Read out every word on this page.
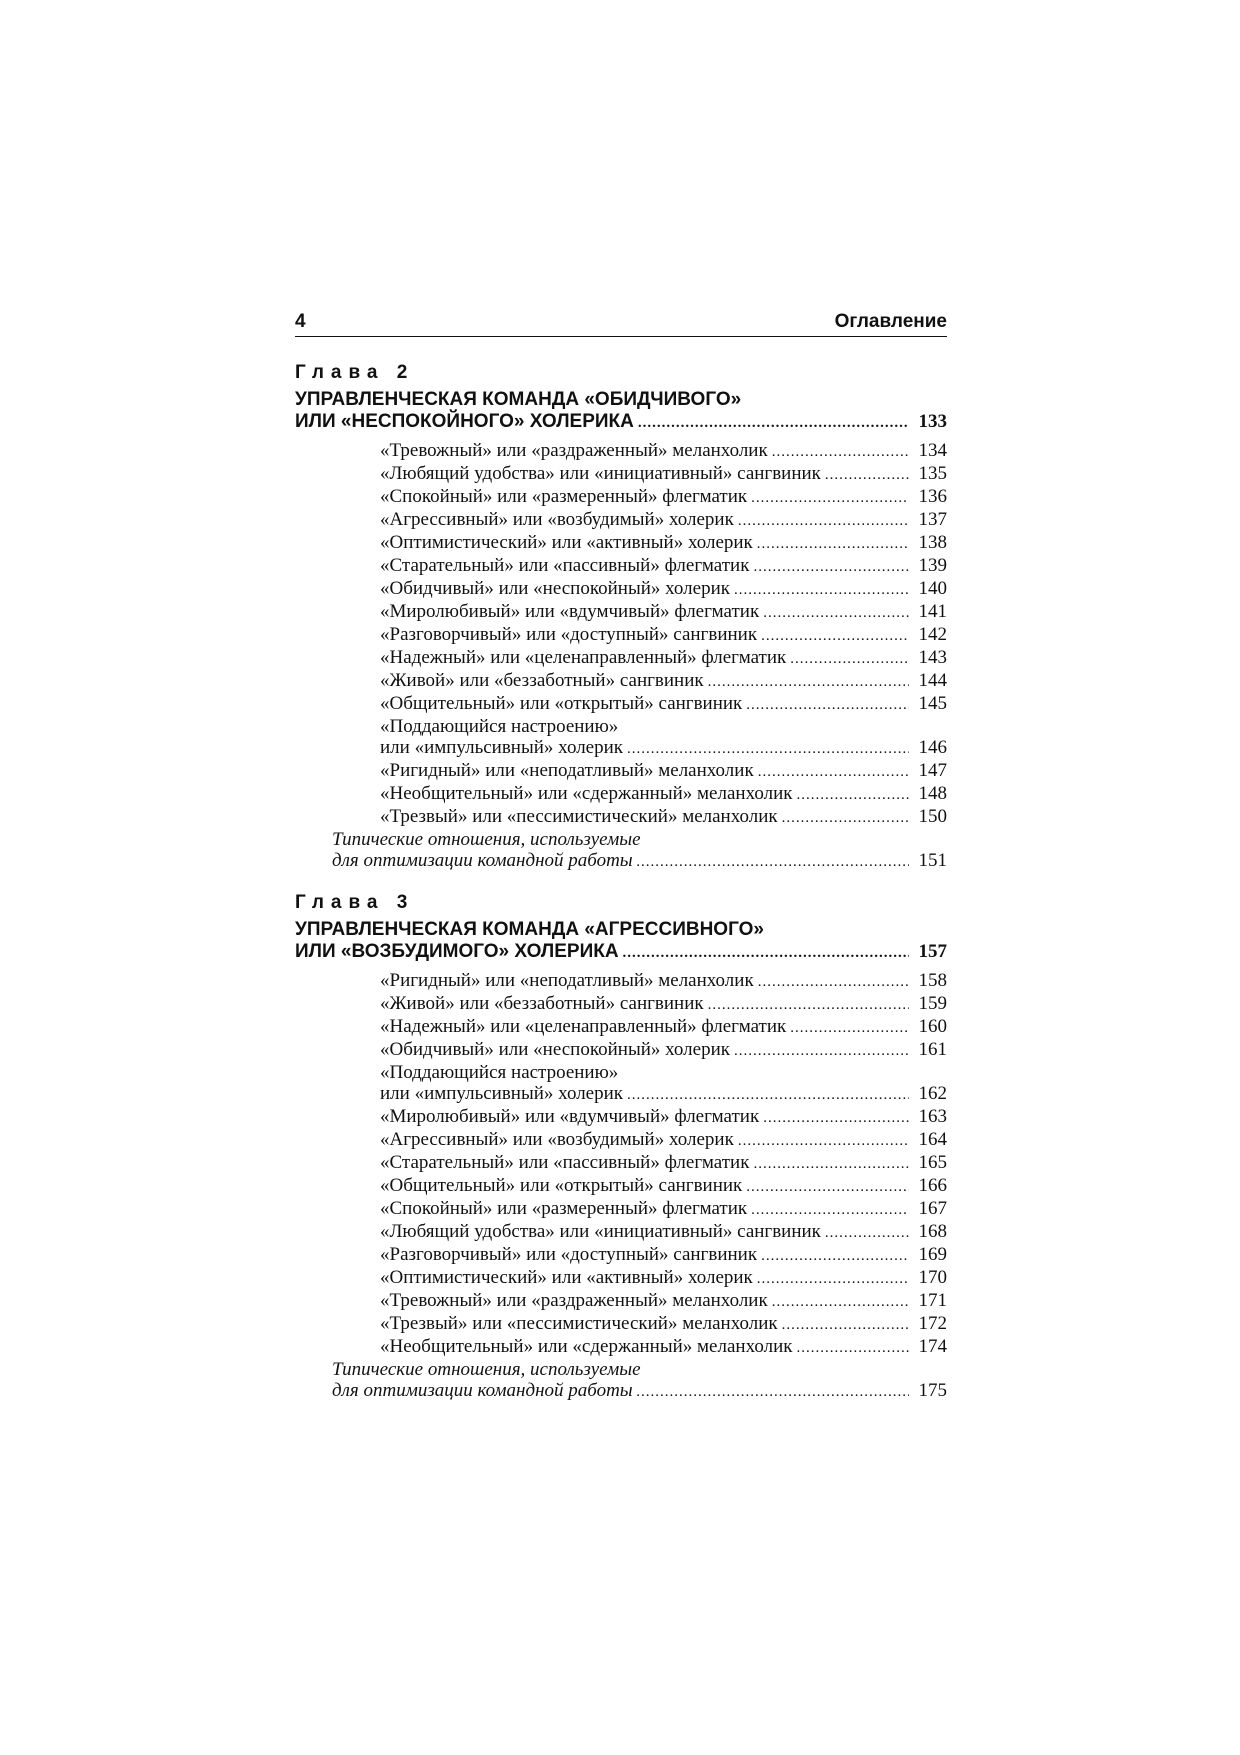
4	Оглавление
Глава 2
УПРАВЛЕНЧЕСКАЯ КОМАНДА «ОБИДЧИВОГО»
ИЛИ «НЕСПОКОЙНОГО» ХОЛЕРИКА .....	133
«Тревожный» или «раздраженный» меланхолик .....	134
«Любящий удобства» или «инициативный» сангвиник .....	135
«Спокойный» или «размеренный» флегматик .....	136
«Агрессивный» или «возбудимый» холерик .....	137
«Оптимистический» или «активный» холерик .....	138
«Старательный» или «пассивный» флегматик .....	139
«Обидчивый» или «неспокойный» холерик .....	140
«Миролюбивый» или «вдумчивый» флегматик .....	141
«Разговорчивый» или «доступный» сангвиник .....	142
«Надежный» или «целенаправленный» флегматик .....	143
«Живой» или «беззаботный» сангвиник .....	144
«Общительный» или «открытый» сангвиник .....	145
«Поддающийся настроению»
или «импульсивный» холерик .....	146
«Ригидный» или «неподатливый» меланхолик .....	147
«Необщительный» или «сдержанный» меланхолик .....	148
«Трезвый» или «пессимистический» меланхолик .....	150
Типические отношения, используемые
для оптимизации командной работы .....	151
Глава 3
УПРАВЛЕНЧЕСКАЯ КОМАНДА «АГРЕССИВНОГО»
ИЛИ «ВОЗБУДИМОГО» ХОЛЕРИКА .....	157
«Ригидный» или «неподатливый» меланхолик .....	158
«Живой» или «беззаботный» сангвиник .....	159
«Надежный» или «целенаправленный» флегматик .....	160
«Обидчивый» или «неспокойный» холерик .....	161
«Поддающийся настроению»
или «импульсивный» холерик .....	162
«Миролюбивый» или «вдумчивый» флегматик .....	163
«Агрессивный» или «возбудимый» холерик .....	164
«Старательный» или «пассивный» флегматик .....	165
«Общительный» или «открытый» сангвиник .....	166
«Спокойный» или «размеренный» флегматик .....	167
«Любящий удобства» или «инициативный» сангвиник .....	168
«Разговорчивый» или «доступный» сангвиник .....	169
«Оптимистический» или «активный» холерик .....	170
«Тревожный» или «раздраженный» меланхолик .....	171
«Трезвый» или «пессимистический» меланхолик .....	172
«Необщительный» или «сдержанный» меланхолик .....	174
Типические отношения, используемые
для оптимизации командной работы .....	175
